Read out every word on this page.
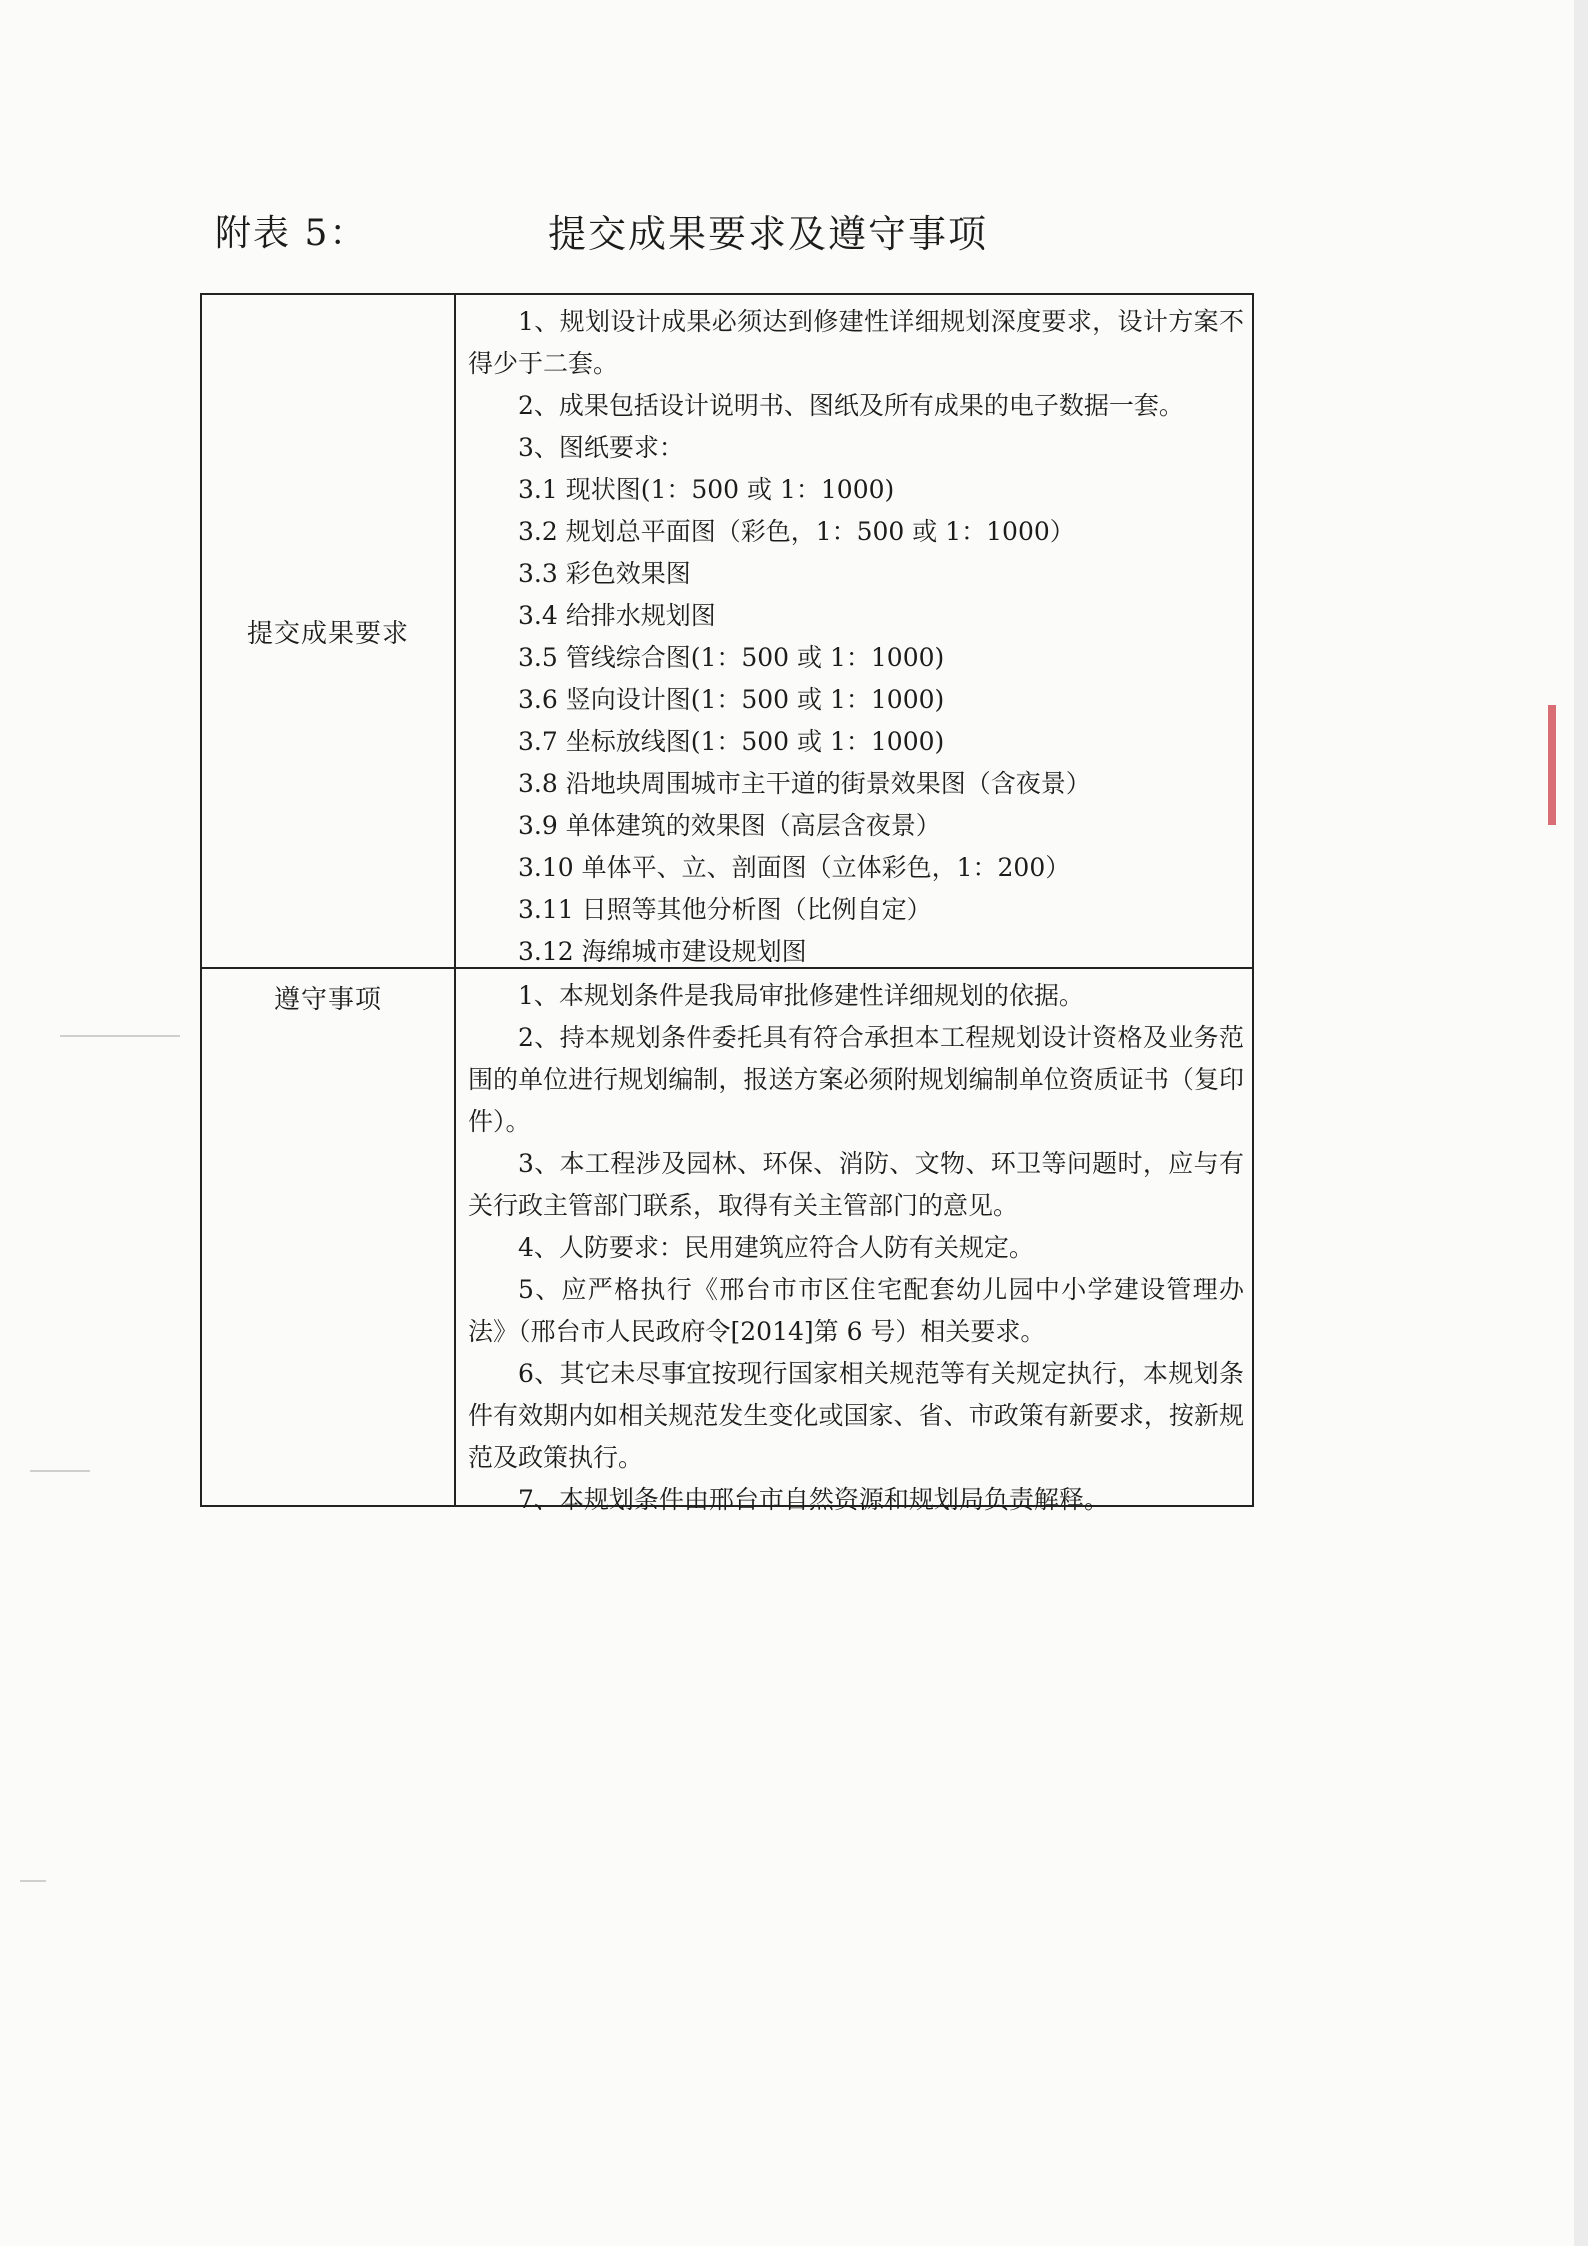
附表 5：	提交成果要求及遵守事项
提交成果要求

1、规划设计成果必须达到修建性详细规划深度要求，设计方案不得少于二套。

2、成果包括设计说明书、图纸及所有成果的电子数据一套。

3、图纸要求：

3.1 现状图(1：500 或 1：1000)

3.2 规划总平面图（彩色，1：500 或 1：1000）

3.3 彩色效果图

3.4 给排水规划图

3.5 管线综合图(1：500 或 1：1000)

3.6 竖向设计图(1：500 或 1：1000)

3.7 坐标放线图(1：500 或 1：1000)

3.8 沿地块周围城市主干道的街景效果图（含夜景）

3.9 单体建筑的效果图（高层含夜景）

3.10 单体平、立、剖面图（立体彩色，1：200）

3.11 日照等其他分析图（比例自定）

3.12 海绵城市建设规划图

遵守事项	1、本规划条件是我局审批修建性详细规划的依据。

2、持本规划条件委托具有符合承担本工程规划设计资格及业务范围的单位进行规划编制，报送方案必须附规划编制单位资质证书（复印件）。

3、本工程涉及园林、环保、消防、文物、环卫等问题时，应与有关行政主管部门联系，取得有关主管部门的意见。

4、人防要求：民用建筑应符合人防有关规定。

5、应严格执行《邢台市市区住宅配套幼儿园中小学建设管理办法》（邢台市人民政府令[2014]第 6 号）相关要求。

6、其它未尽事宜按现行国家相关规范等有关规定执行，本规划条件有效期内如相关规范发生变化或国家、省、市政策有新要求，按新规范及政策执行。

7、本规划条件由邢台市自然资源和规划局负责解释。
